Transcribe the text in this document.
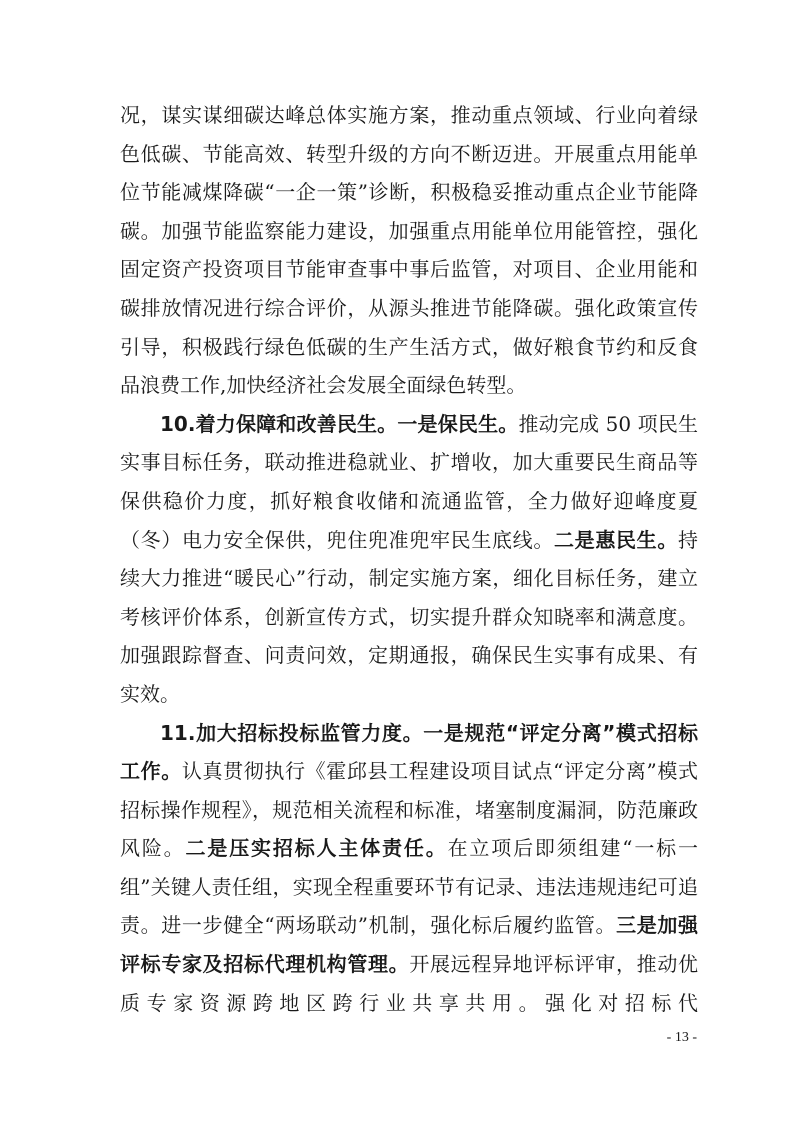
况，谋实谋细碳达峰总体实施方案，推动重点领域、行业向着绿色低碳、节能高效、转型升级的方向不断迈进。开展重点用能单位节能减煤降碳“一企一策”诊断，积极稳妥推动重点企业节能降碳。加强节能监察能力建设，加强重点用能单位用能管控，强化固定资产投资项目节能审查事中事后监管，对项目、企业用能和碳排放情况进行综合评价，从源头推进节能降碳。强化政策宣传引导，积极践行绿色低碳的生产生活方式，做好粮食节约和反食品浪费工作,加快经济社会发展全面绿色转型。

10.着力保障和改善民生。一是保民生。推动完成 50 项民生实事目标任务，联动推进稳就业、扩增收，加大重要民生商品等保供稳价力度，抓好粮食收储和流通监管，全力做好迎峰度夏（冬）电力安全保供，兜住兜准兜牢民生底线。二是惠民生。持续大力推进“暖民心”行动，制定实施方案，细化目标任务，建立考核评价体系，创新宣传方式，切实提升群众知晓率和满意度。加强跟踪督查、问责问效，定期通报，确保民生实事有成果、有实效。

11.加大招标投标监管力度。一是规范“评定分离”模式招标工作。认真贯彻执行《霍邱县工程建设项目试点“评定分离”模式招标操作规程》，规范相关流程和标准，堵塞制度漏洞，防范廉政风险。二是压实招标人主体责任。在立项后即须组建“一标一组”关键人责任组，实现全程重要环节有记录、违法违规违纪可追责。进一步健全“两场联动”机制，强化标后履约监管。三是加强评标专家及招标代理机构管理。开展远程异地评标评审，推动优质专家资源跨地区跨行业共享共用。强化对招标代

- 13 -
